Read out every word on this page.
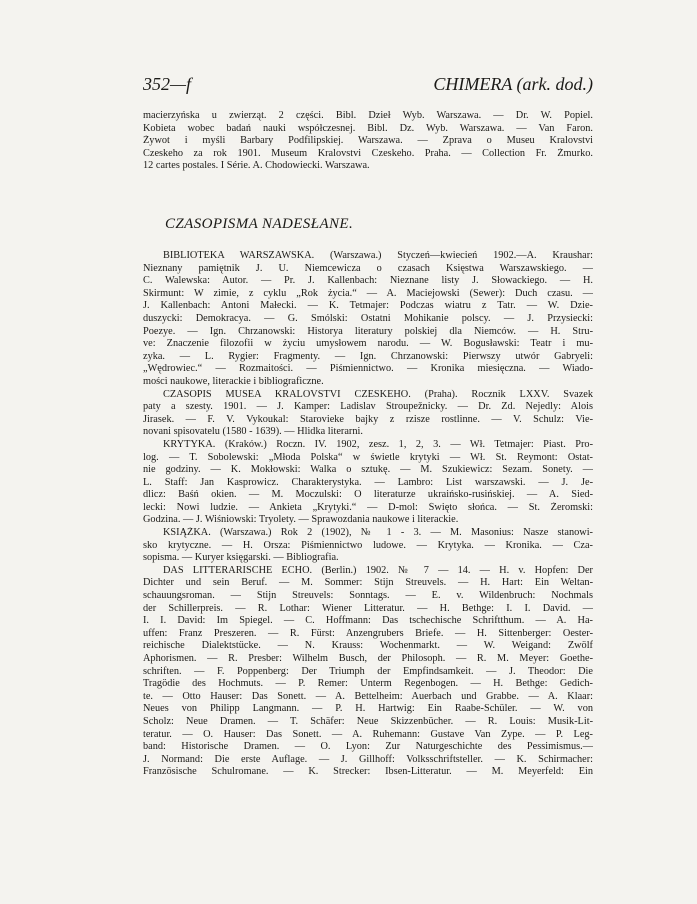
352—f	CHIMERA (ark. dod.)
macierzyńska u zwierząt. 2 części. Bibl. Dzieł Wyb. Warszawa. — Dr. W. Popiel.
Kobieta wobec badań nauki współczesnej. Bibl. Dz. Wyb. Warszawa. — Van Faron.
Żywot i myśli Barbary Podfilipskiej. Warszawa. — Zprava o Museu Kralovstvi
Czeskeho za rok 1901. Museum Kralovstvi Czeskeho. Praha. — Collection Fr. Żmurko.
12 cartes postales. I Série. A. Chodowiecki. Warszawa.
CZASOPISMA NADESŁANE.
BIBLIOTEKA WARSZAWSKA. (Warszawa.) Styczeń—kwiecień 1902.—A. Kraushar:
Nieznany pamiętnik J. U. Niemcewicza o czasach Księstwa Warszawskiego. —
C. Walewska: Autor. — Pr. J. Kallenbach: Nieznane listy J. Słowackiego. — H.
Skirmunt: W zimie, z cyklu „Rok życia.“ — A. Maciejowski (Sewer): Duch czasu. —
J. Kallenbach: Antoni Małecki. — K. Tetmajer: Podczas wiatru z Tatr. — W. Dzie-
duszycki: Demokracya. — G. Smólski: Ostatni Mohikanie polscy. — J. Przysiecki:
Poezye. — Ign. Chrzanowski: Historya literatury polskiej dla Niemców. — H. Stru-
ve: Znaczenie filozofii w życiu umysłowem narodu. — W. Bogusławski: Teatr i mu-
zyka. — L. Rygier: Fragmenty. — Ign. Chrzanowski: Pierwszy utwór Gabryeli:
„Wędrowiec.“ — Rozmaitości. — Piśmiennictwo. — Kronika miesięczna. — Wiado-
mości naukowe, literackie i bibliograficzne.
CZASOPIS MUSEA KRALOVSTVI CZESKEHO. (Praha). Rocznik LXXV. Svazek
paty a szesty. 1901. — J. Kamper: Ladislav Stroupežnicky. — Dr. Zd. Nejedly: Alois
Jirasek. — F. V. Vykoukal: Staroviekе bajky z rzisze rostlinne. — V. Schulz: Vie-
novani spisovatelu (1580 - 1639). — Hlidka literarni.
KRYTYKA. (Kraków.) Roczn. IV. 1902, zesz. 1, 2, 3. — Wł. Tetmajer: Piast. Pro-
log. — T. Sobolewski: „Młoda Polska“ w świetle krytyki — Wł. St. Reymont: Ostat-
nie godziny. — K. Mokłowski: Walka o sztukę. — M. Szukiewicz: Sezam. Sonety. —
L. Staff: Jan Kasprowicz. Charakterystyka. — Lambro: List warszawski. — J. Je-
dlicz: Baśń okien. — M. Moczulski: O literaturze ukraińsko-rusińskiej. — A. Sied-
lecki: Nowi ludzie. — Ankieta „Krytyki.“ — D-mol: Święto słońca. — St. Żeromski:
Godzina. — J. Wiśniowski: Tryolety. — Sprawozdania naukowe i literackie.
KSIĄŻKA. (Warszawa.) Rok 2 (1902), № 1 - 3. — M. Masonius: Nasze stanowi-
sko krytyczne. — H. Orsza: Piśmiennictwo ludowe. — Krytyka. — Kronika. — Cza-
sopisma. — Kuryer księgarski. — Bibliografia.
DAS LITTERARISCHE ECHO. (Berlin.) 1902. № 7 — 14. — H. v. Hopfen: Der
Dichter und sein Beruf. — M. Sommer: Stijn Streuvels. — H. Hart: Ein Weltan-
schauungsroman. — Stijn Streuvels: Sonntags. — E. v. Wildenbruch: Nochmals
der Schillerpreis. — R. Lothar: Wiener Litteratur. — H. Bethge: I. I. David. —
I. I. David: Im Spiegel. — C. Hoffmann: Das tschechische Schriftthum. — A. Ha-
uffen: Franz Preszeren. — R. Fürst: Anzengrubers Briefe. — H. Sittenberger: Oester-
reichische Dialektstücke. — N. Krauss: Wochenmarkt. — W. Weigand: Zwölf
Aphorismen. — R. Presber: Wilhelm Busch, der Philosoph. — R. M. Meyer: Goethe-
schriften. — F. Poppenberg: Der Triumph der Empfindsamkeit. — J. Theodor: Die
Tragödie des Hochmuts. — P. Remer: Unterm Regenbogen. — H. Bethge: Gedich-
te. — Otto Hauser: Das Sonett. — A. Bettelheim: Auerbach und Grabbe. — A. Klaar:
Neues von Philipp Langmann. — P. H. Hartwig: Ein Raabe-Schüler. — W. von
Scholz: Neue Dramen. — T. Schäfer: Neue Skizzenbücher. — R. Louis: Musik-Lit-
teratur. — O. Hauser: Das Sonett. — A. Ruhemann: Gustave Van Zype. — P. Leg-
band: Historische Dramen. — O. Lyon: Zur Naturgeschichte des Pessimismus.—
J. Normand: Die erste Auflage. — J. Gillhoff: Volksschriftsteller. — K. Schirmacher:
Französische Schulromane. — K. Strecker: Ibsen-Litteratur. — M. Meyerfeld: Ein
